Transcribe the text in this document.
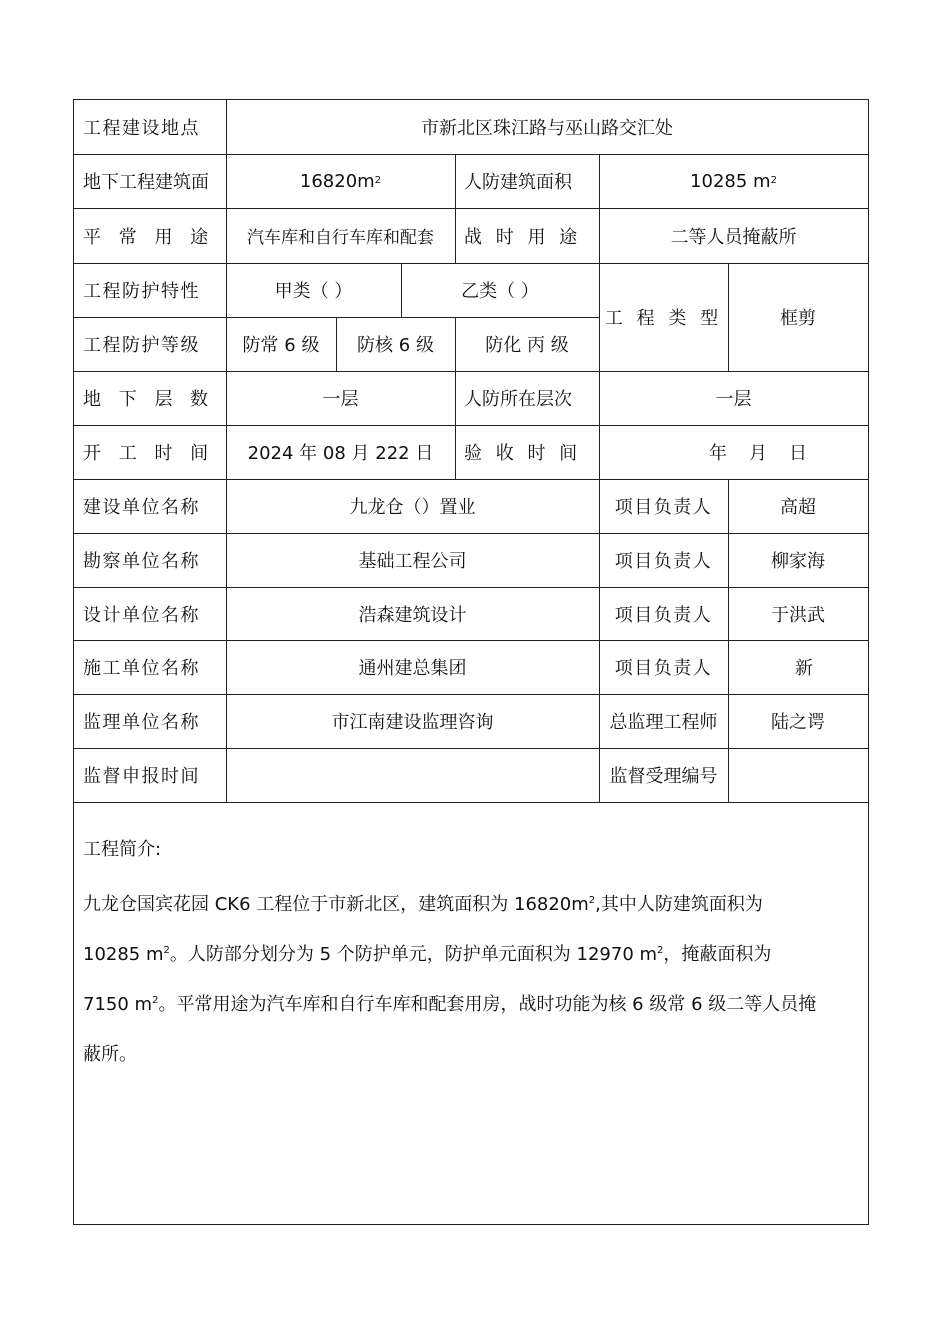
工程建设地点	市新北区珠江路与巫山路交汇处
地下工程建筑面	16820m 2	人防建筑面积	10285 m 2
平 常 用 途	汽车库和自行车库和配套	战 时 用 途	二等人员掩蔽所
工程防护特性	甲类（ ）	乙类（ ）
工 程 类 型	框剪
工程防护等级	防常 6 级	防核 6 级	防化 丙 级
地 下 层 数	一层	人防所在层次	一层
开 工 时 间	2024 年 08 月 222 日	验 收 时 间	年 月 日
建设单位名称	九龙仓（）置业	项目负责人	高超
勘察单位名称	基础工程公司	项目负责人	柳家海
设计单位名称	浩森建筑设计	项目负责人	于洪武
施工单位名称	通州建总集团	项目负责人	新
监理单位名称	市江南建设监理咨询	总监理工程师	陆之谔
监督申报时间	监督受理编号

工程简介:

九龙仓国宾花园 CK6 工程位于市新北区，建筑面积为 $16820m^2$,其中人防建筑面积为

10285 $m^2$。人防部分划分为 5 个防护单元，防护单元面积为 12970 $m^2$，掩蔽面积为

7150 $m^2$。平常用途为汽车库和自行车库和配套用房，战时功能为核 6 级常 6 级二等人员掩

蔽所。
